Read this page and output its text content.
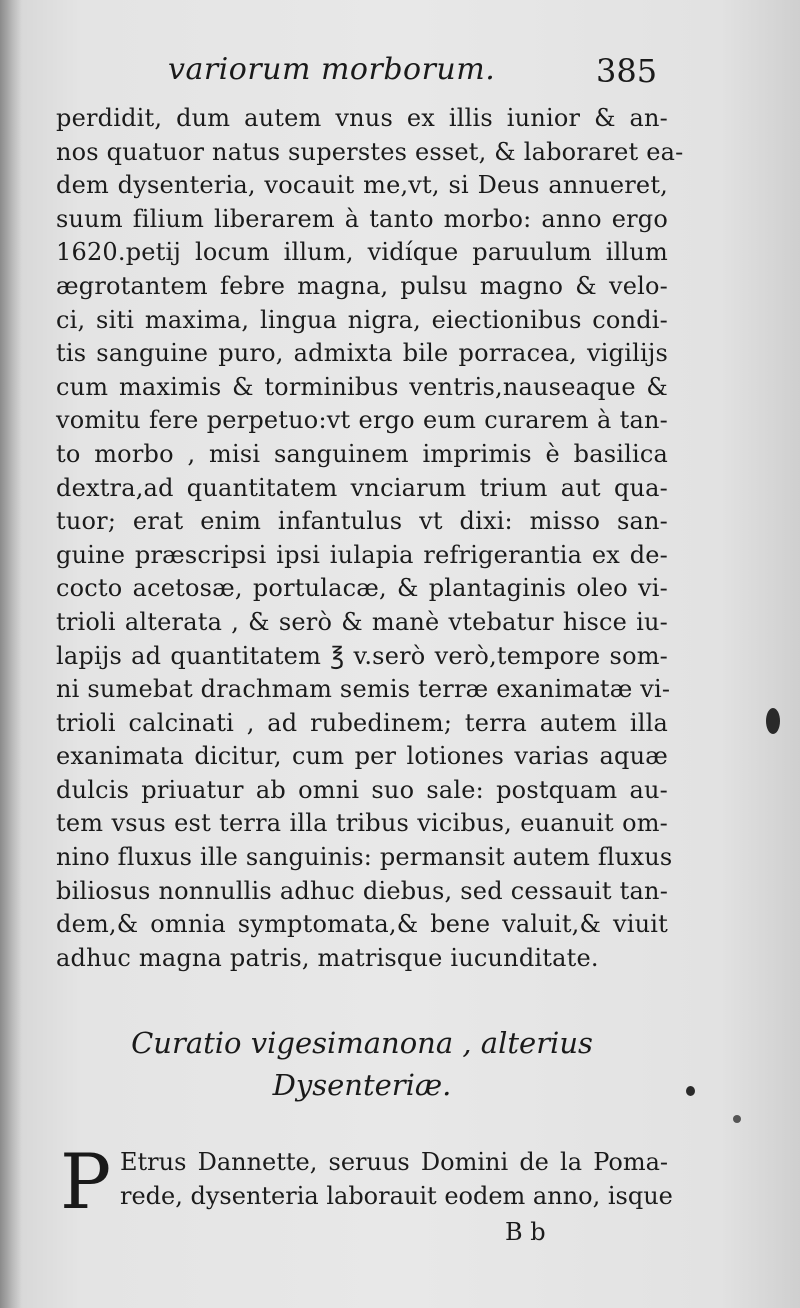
variorum morborum.	385
perdidit, dum autem vnus ex illis iunior & an-
nos quatuor natus superstes esset, & laboraret ea-
dem dysenteria, vocauit me,vt, si Deus annueret,
suum filium liberarem à tanto morbo: anno ergo
1620.petij locum illum, vidíque paruulum illum
ægrotantem febre magna, pulsu magno & velo-
ci, siti maxima, lingua nigra, eiectionibus condi-
tis sanguine puro, admixta bile porracea, vigilijs
cum maximis & torminibus ventris,nauseaque &
vomitu fere perpetuo:vt ergo eum curarem à tan-
to morbo , misi sanguinem imprimis è basilica
dextra,ad quantitatem vnciarum trium aut qua-
tuor; erat enim infantulus vt dixi: misso san-
guine præscripsi ipsi iulapia refrigerantia ex de-
cocto acetosæ, portulacæ, & plantaginis oleo vi-
trioli alterata , & serò & manè vtebatur hisce iu-
lapijs ad quantitatem ℥ v.serò verò,tempore som-
ni sumebat drachmam semis terræ exanimatæ vi-
trioli calcinati , ad rubedinem; terra autem illa
exanimata dicitur, cum per lotiones varias aquæ
dulcis priuatur ab omni suo sale: postquam au-
tem vsus est terra illa tribus vicibus, euanuit om-
nino fluxus ille sanguinis: permansit autem fluxus
biliosus nonnullis adhuc diebus, sed cessauit tan-
dem,& omnia symptomata,& bene valuit,& viuit
adhuc magna patris, matrisque iucunditate.
Curatio vigesimanona , alterius
Dysenteriæ.
P Etrus Dannette, seruus Domini de la Poma-
rede, dysenteria laborauit eodem anno, isque
B b
